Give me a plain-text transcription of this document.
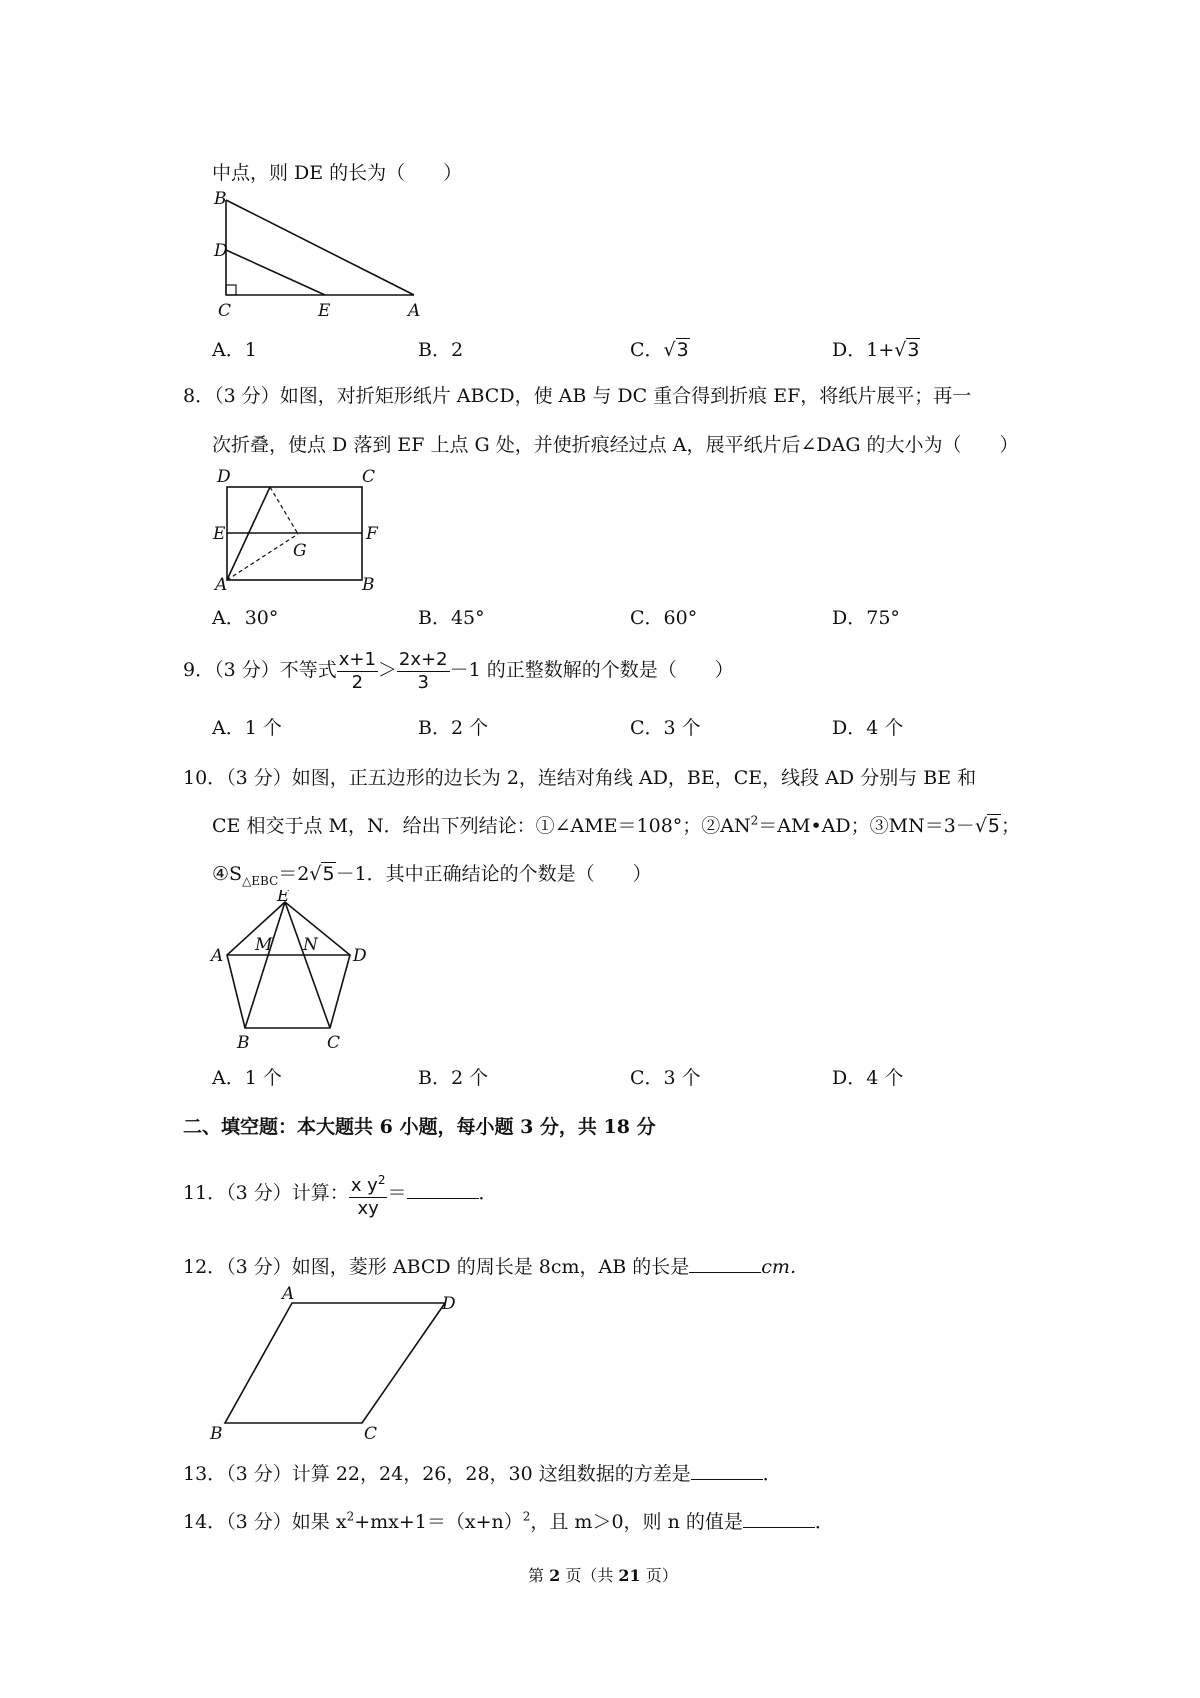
中点，则 DE 的长为（　　）
B
D
C	E	A
A．1	B．2	C．√3	D．1+√3
8．（3 分）如图，对折矩形纸片 ABCD，使 AB 与 DC 重合得到折痕 EF，将纸片展平；再一
次折叠，使点 D 落到 EF 上点 G 处，并使折痕经过点 A，展平纸片后∠DAG 的大小为（　　）
D	C
E	F
G
A	B
A．30°	B．45°	C．60°	D．75°
9．（3 分）不等式 $\frac{x+1}{2} > \frac{2x+2}{3} -1$ 的正整数解的个数是（　　）
A．1 个	B．2 个	C．3 个	D．4 个
10．（3 分）如图，正五边形的边长为 2，连结对角线 AD，BE，CE，线段 AD 分别与 BE 和
CE 相交于点 M，N．给出下列结论：①∠AME＝108°；$②AN^2=AM•AD$；③MN＝3－√5；
$④S_{\triangle EBC}=2√5-1$．其中正确结论的个数是（　　）
E
A
M N
D
B	C
A．1 个	B．2 个	C．3 个	D．4 个
二、填空题：本大题共 6 小题，每小题 3 分，共 18 分
11．（3 分）计算： $\frac{x y^2}{xy}$ ＝	．
12．（3 分）如图，菱形 ABCD 的周长是 8cm，AB 的长是	cm．
A	D
B	C
13．（3 分）计算 22，24，26，28，30 这组数据的方差是	．
14．（3 分）如果 $x^2+mx+1=(x+n)^2$，且 m＞0，则 n 的值是	．
第 2 页（共 21 页）
